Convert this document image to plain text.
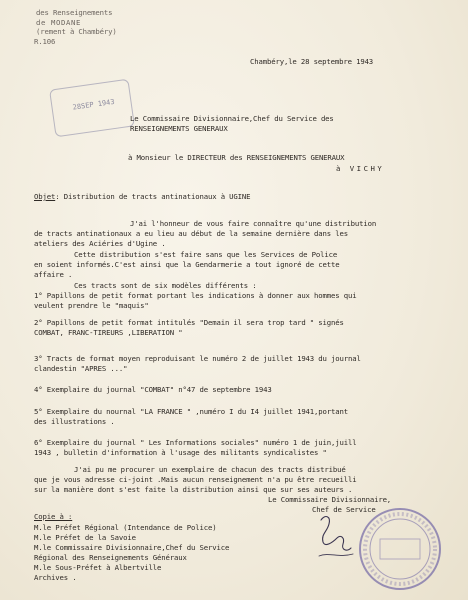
des Renseignements
de MODANE
(rement à Chambéry)
R.106
Chambéry,le 28 septembre 1943
28SEP 1943
Le Commissaire Divisionnaire,Chef du Service des
RENSEIGNEMENTS GENERAUX
à Monsieur le DIRECTEUR des RENSEIGNEMENTS GENERAUX
à VICHY
Objet: Distribution de tracts antinationaux à UGINE
J'ai l'honneur de vous faire connaître qu'une distribution
de tracts antinationaux a eu lieu au début de la semaine dernière dans les
ateliers des Aciéries d'Ugine .
Cette distribution s'est faire sans que les Services de Police
en soient informés.C'est ainsi que la Gendarmerie a tout ignoré de cette
affaire .
Ces tracts sont de six modèles différents :
1° Papillons de petit format portant les indications à donner aux hommes qui
veulent prendre le "maquis"
2° Papillons de petit format intitulés "Demain il sera trop tard " signés
COMBAT, FRANC-TIREURS ,LIBERATION "
3° Tracts de format moyen reproduisant le numéro 2 de juillet 1943 du journal
clandestin "APRES ..."
4° Exemplaire du journal "COMBAT" n°47 de septembre 1943
5° Exemplaire du nournal "LA FRANCE " ,numéro I du I4 juillet 1941,portant
des illustrations .
6° Exemplaire du journal " Les Informations sociales" numéro 1 de juin,juill
1943 , bulletin d'information à l'usage des militants syndicalistes "
J'ai pu me procurer un exemplaire de chacun des tracts distribué
que je vous adresse ci-joint .Mais aucun renseignement n'a pu être recueilli
sur la manière dont s'est faite la distribution ainsi que sur ses auteurs .
Le Commissaire Divisionnaire,
Chef de Service
Copie à :
M.le Préfet Régional (Intendance de Police)
M.le Préfet de la Savoie
M.le Commissaire Divisionnaire,Chef du Service
Régional des Renseignements Généraux
M.le Sous-Préfet à Albertville
Archives .
